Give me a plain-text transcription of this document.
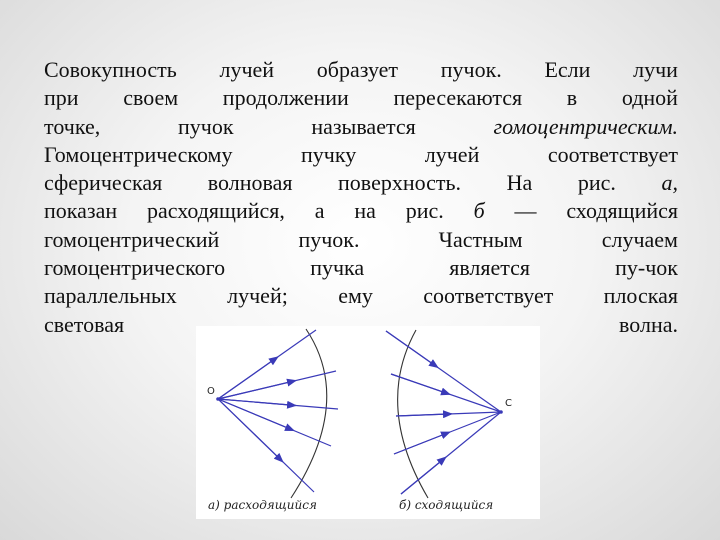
Совокупность лучей образует пучок. Если лучи
при своем продолжении пересекаются в одной
точке,	пучок	называется	гомоцентрическим.
Гомоцентрическому	пучку	лучей	соответствует
сферическая волновая поверхность. На рис. а,
показан расходящийся, а на рис. б — сходящийся
гомоцентрический	пучок.	Частным	случаем
гомоцентрического	пучка	является	пу-чок
параллельных лучей; ему соответствует плоская
световая	волна.
O
C
а) расходящийся	б) сходящийся
